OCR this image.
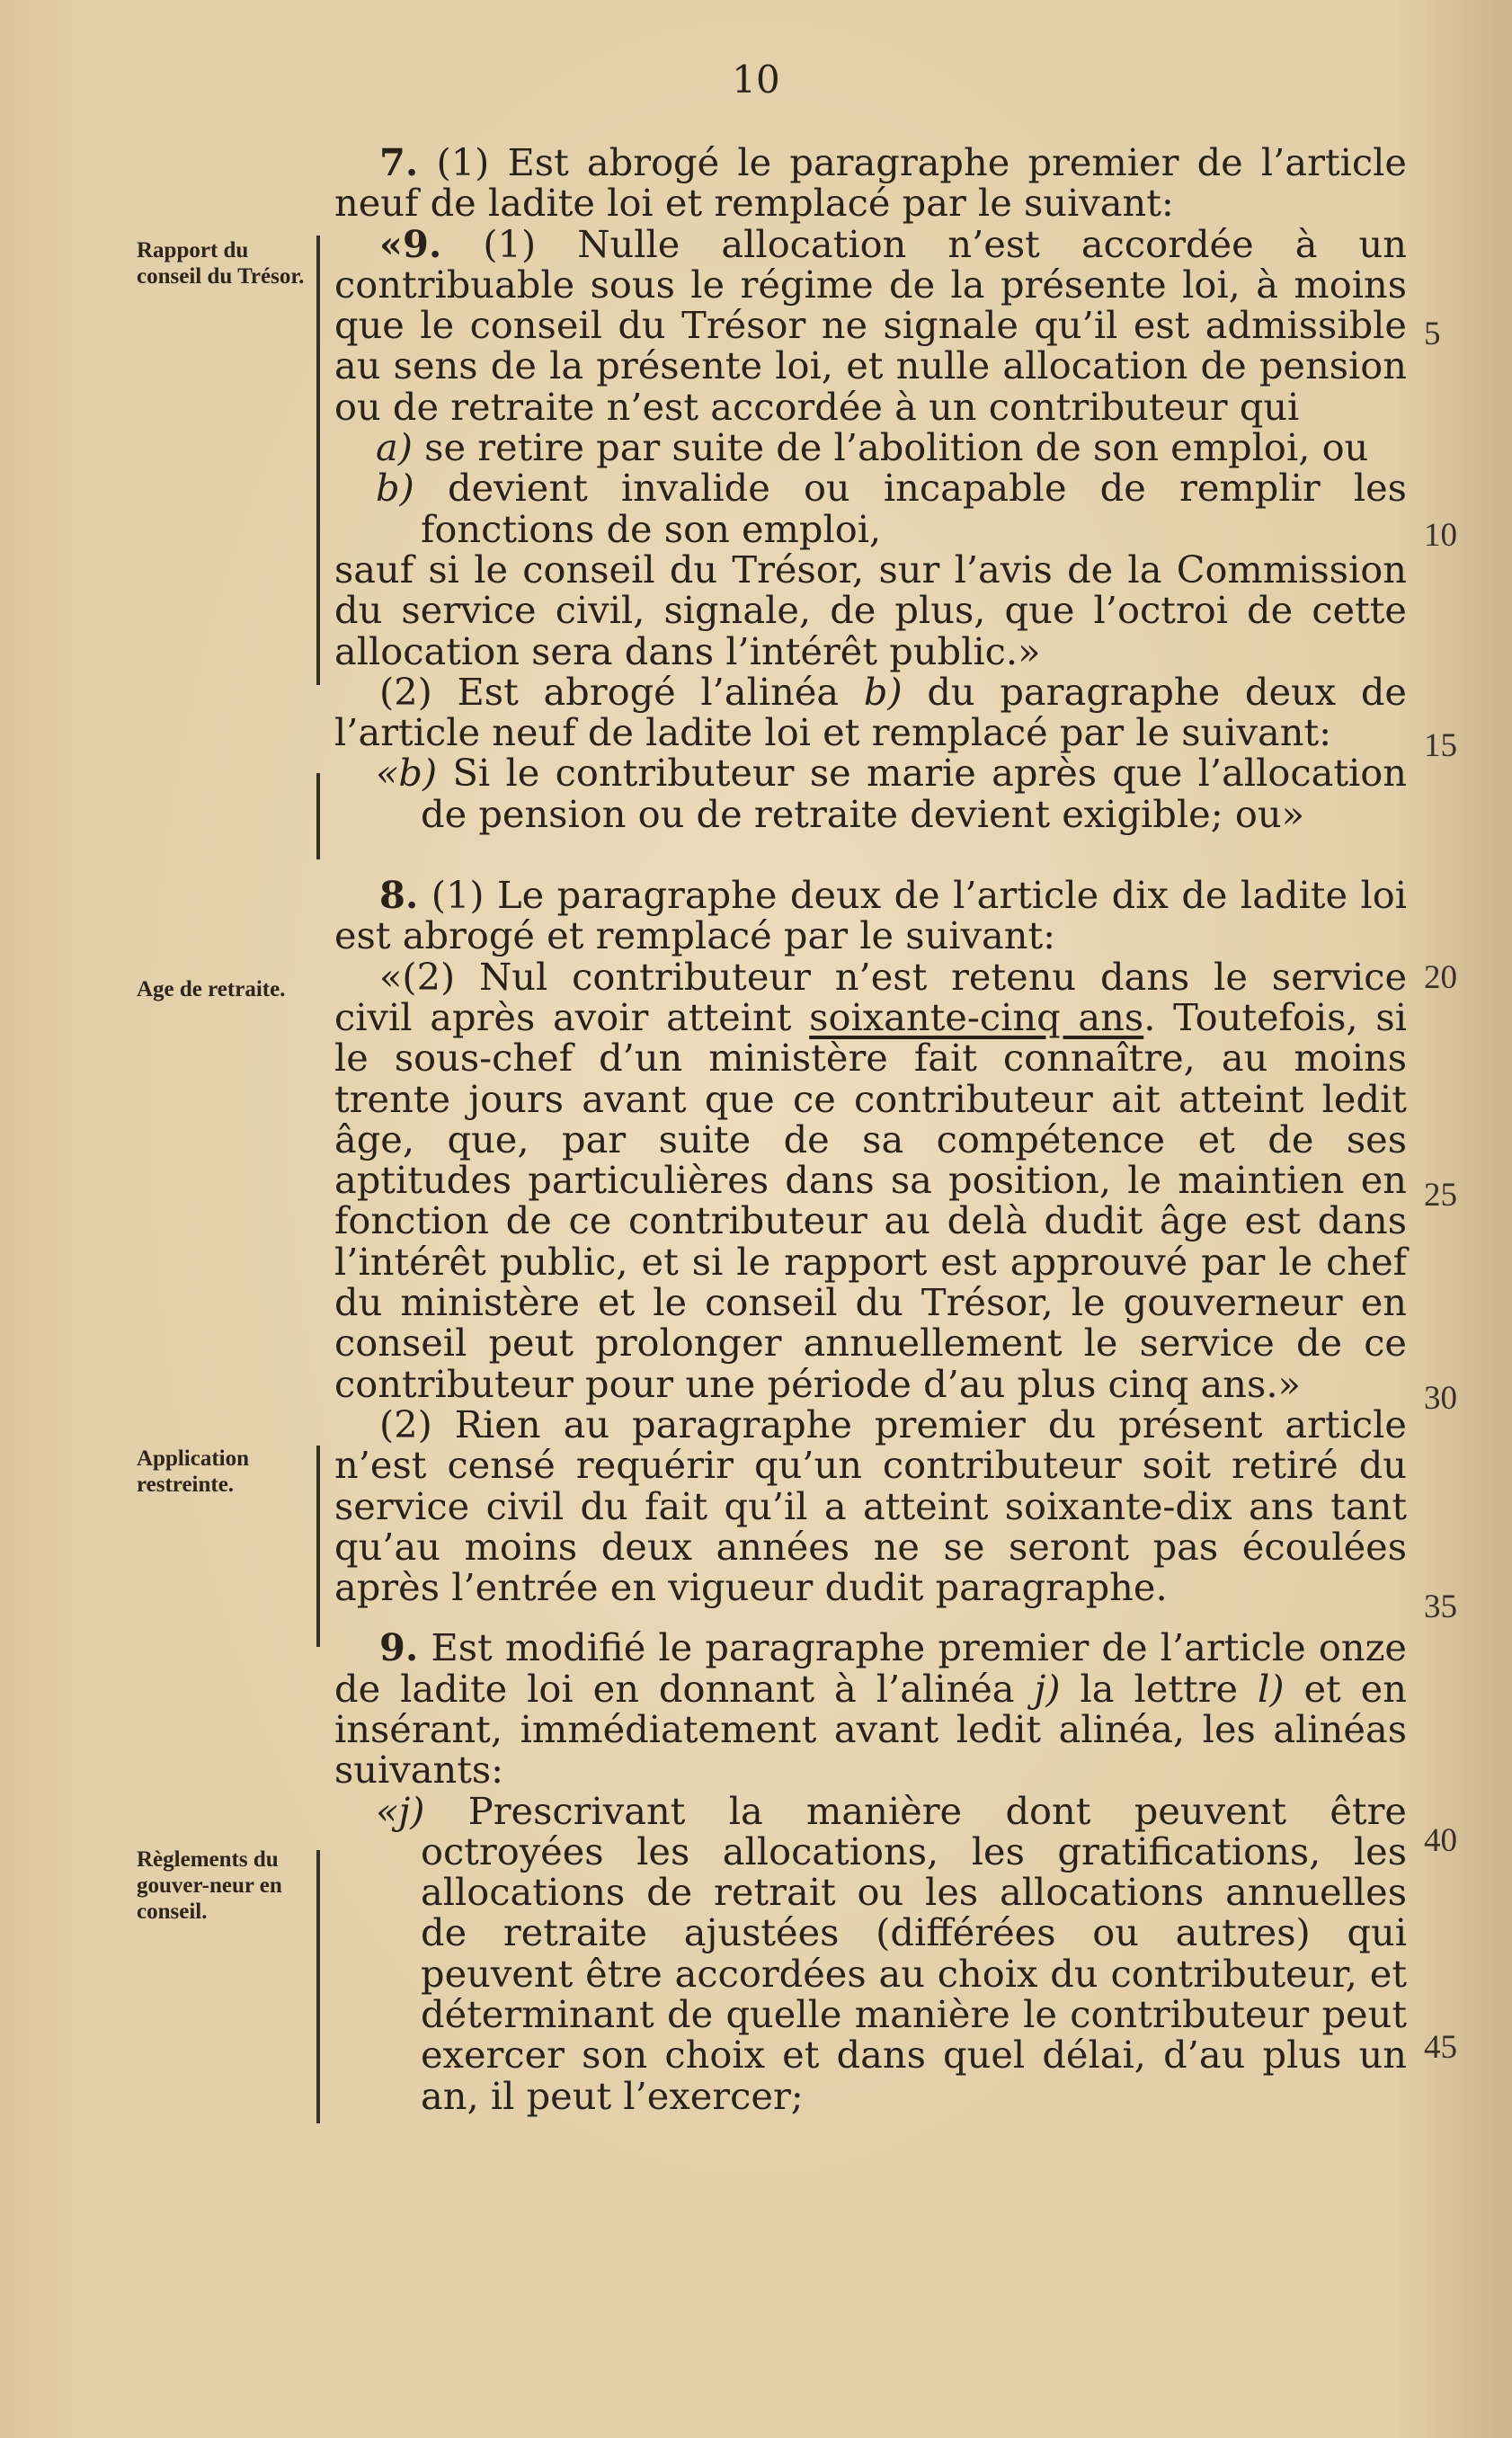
10
Rapport du conseil du Trésor.
Age de retraite.
Application restreinte.
Règlements du gouver-neur en conseil.
5
10
15
20
25
30
35
40
45

7. (1) Est abrogé le paragraphe premier de l’article neuf de ladite loi et remplacé par le suivant:

«9. (1) Nulle allocation n’est accordée à un contribuable sous le régime de la présente loi, à moins que le conseil du Trésor ne signale qu’il est admissible au sens de la présente loi, et nulle allocation de pension ou de retraite n’est accordée à un contributeur qui

a) se retire par suite de l’abolition de son emploi, ou

b) devient invalide ou incapable de remplir les fonctions de son emploi,

sauf si le conseil du Trésor, sur l’avis de la Commission du service civil, signale, de plus, que l’octroi de cette allocation sera dans l’intérêt public.»

(2) Est abrogé l’alinéa b) du paragraphe deux de l’article neuf de ladite loi et remplacé par le suivant:

«b) Si le contributeur se marie après que l’allocation de pension ou de retraite devient exigible; ou»

8. (1) Le paragraphe deux de l’article dix de ladite loi est abrogé et remplacé par le suivant:

«(2) Nul contributeur n’est retenu dans le service civil après avoir atteint soixante-cinq ans. Toutefois, si le sous-chef d’un ministère fait connaître, au moins trente jours avant que ce contributeur ait atteint ledit âge, que, par suite de sa compétence et de ses aptitudes particulières dans sa position, le maintien en fonction de ce contributeur au delà dudit âge est dans l’intérêt public, et si le rapport est approuvé par le chef du ministère et le conseil du Trésor, le gouverneur en conseil peut prolonger annuellement le service de ce contributeur pour une période d’au plus cinq ans.»

(2) Rien au paragraphe premier du présent article n’est censé requérir qu’un contributeur soit retiré du service civil du fait qu’il a atteint soixante-dix ans tant qu’au moins deux années ne se seront pas écoulées après l’entrée en vigueur dudit paragraphe.

9. Est modifié le paragraphe premier de l’article onze de ladite loi en donnant à l’alinéa j) la lettre l) et en insérant, immédiatement avant ledit alinéa, les alinéas suivants:

«j) Prescrivant la manière dont peuvent être octroyées les allocations, les gratifications, les allocations de retrait ou les allocations annuelles de retraite ajustées (différées ou autres) qui peuvent être accordées au choix du contributeur, et déterminant de quelle manière le contributeur peut exercer son choix et dans quel délai, d’au plus un an, il peut l’exercer;
